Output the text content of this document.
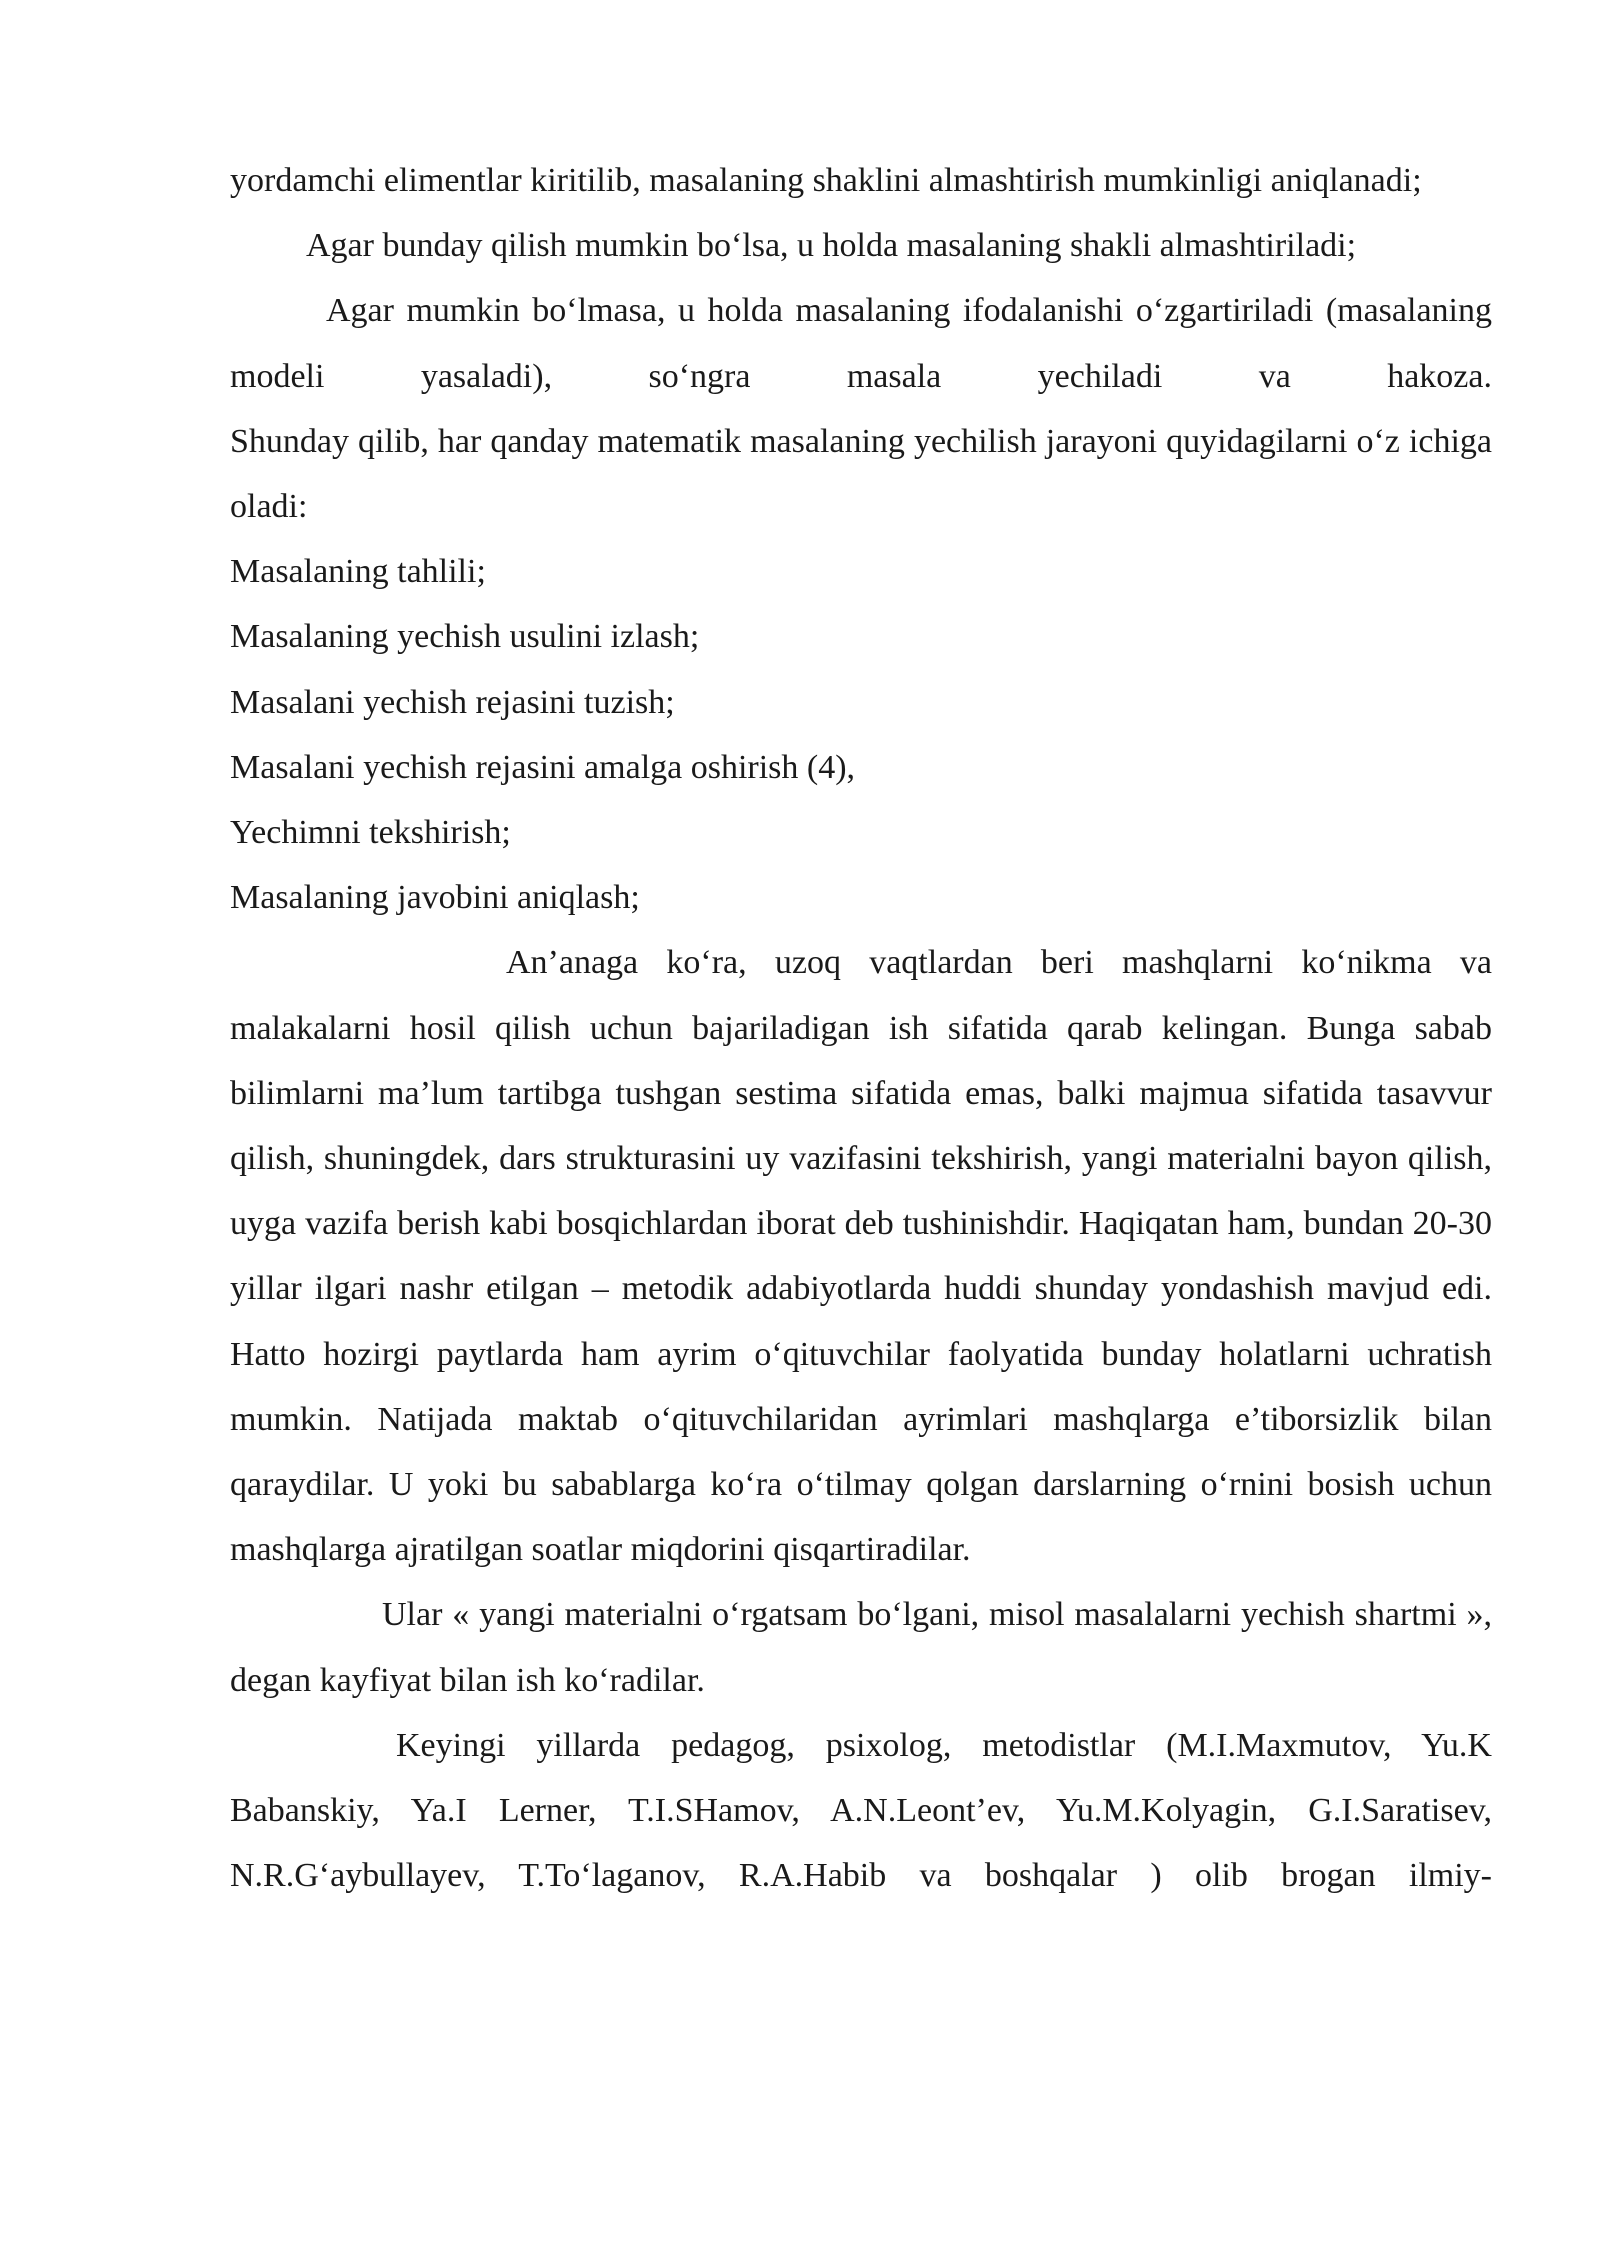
yordamchi elimentlar kiritilib, masalaning shaklini almashtirish mumkinligi aniqlanadi;

Agar bunday qilish mumkin bo‘lsa, u holda masalaning shakli almashtiriladi;

Agar mumkin bo‘lmasa, u holda masalaning ifodalanishi o‘zgartiriladi (masalaning modeli yasaladi), so‘ngra masala yechiladi va hakoza.

Shunday qilib, har qanday matematik masalaning yechilish jarayoni quyidagilarni o‘z ichiga oladi:

Masalaning tahlili;

Masalaning yechish usulini izlash;

Masalani yechish rejasini tuzish;

Masalani yechish rejasini amalga oshirish (4),

Yechimni tekshirish;

Masalaning javobini aniqlash;

An’anaga ko‘ra, uzoq vaqtlardan beri mashqlarni ko‘nikma va malakalarni hosil qilish uchun bajariladigan ish sifatida qarab kelingan. Bunga sabab bilimlarni ma’lum tartibga tushgan sestima sifatida emas, balki majmua sifatida tasavvur qilish, shuningdek, dars strukturasini uy vazifasini tekshirish, yangi materialni bayon qilish, uyga vazifa berish kabi bosqichlardan iborat deb tushinishdir. Haqiqatan ham, bundan 20-30 yillar ilgari nashr etilgan – metodik adabiyotlarda huddi shunday yondashish mavjud edi.

Hatto hozirgi paytlarda ham ayrim o‘qituvchilar faolyatida bunday holatlarni uchratish mumkin. Natijada maktab o‘qituvchilaridan ayrimlari mashqlarga e’tiborsizlik bilan qaraydilar. U yoki bu sabablarga ko‘ra o‘tilmay qolgan darslarning o‘rnini bosish uchun mashqlarga ajratilgan soatlar miqdorini qisqartiradilar.

Ular « yangi materialni o‘rgatsam bo‘lgani, misol masalalarni yechish shartmi », degan kayfiyat bilan ish ko‘radilar.

Keyingi yillarda pedagog, psixolog, metodistlar (M.I.Maxmutov, Yu.K Babanskiy, Ya.I Lerner, T.I.SHamov, A.N.Leont’ev, Yu.M.Kolyagin, G.I.Saratisev, N.R.G‘aybullayev, T.To‘laganov, R.A.Habib va boshqalar ) olib brogan ilmiy-
